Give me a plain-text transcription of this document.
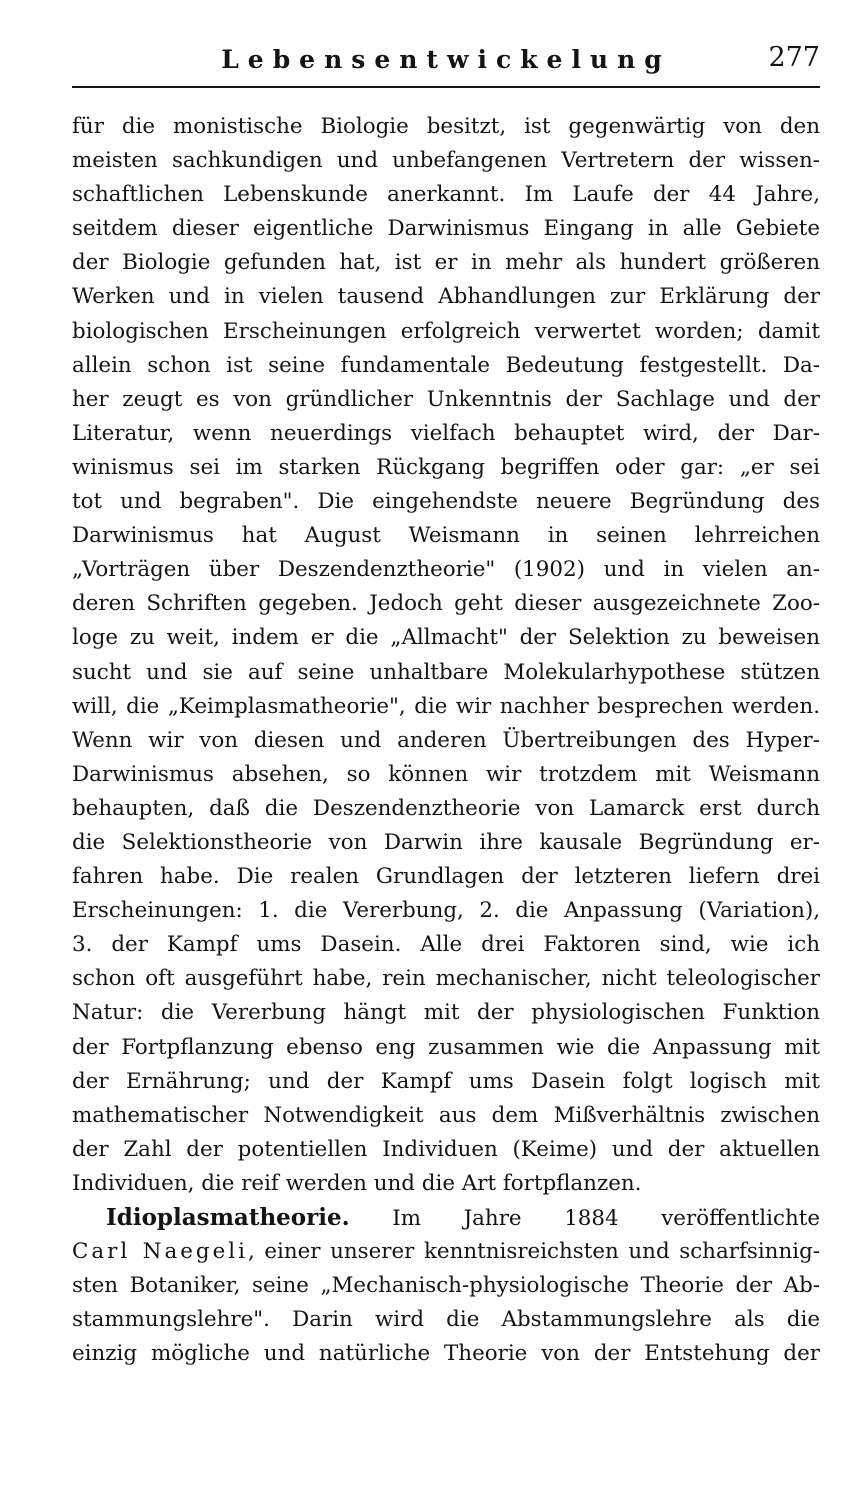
Lebensentwickelung	277
für die monistische Biologie besitzt, ist gegenwärtig von den
meisten sachkundigen und unbefangenen Vertretern der wissen-
schaftlichen Lebenskunde anerkannt. Im Laufe der 44 Jahre,
seitdem dieser eigentliche Darwinismus Eingang in alle Gebiete
der Biologie gefunden hat, ist er in mehr als hundert größeren
Werken und in vielen tausend Abhandlungen zur Erklärung der
biologischen Erscheinungen erfolgreich verwertet worden; damit
allein schon ist seine fundamentale Bedeutung festgestellt. Da-
her zeugt es von gründlicher Unkenntnis der Sachlage und der
Literatur, wenn neuerdings vielfach behauptet wird, der Dar-
winismus sei im starken Rückgang begriffen oder gar: „er sei
tot und begraben". Die eingehendste neuere Begründung des
Darwinismus hat August Weismann in seinen lehrreichen
„Vorträgen über Deszendenztheorie" (1902) und in vielen an-
deren Schriften gegeben. Jedoch geht dieser ausgezeichnete Zoo-
loge zu weit, indem er die „Allmacht" der Selektion zu beweisen
sucht und sie auf seine unhaltbare Molekularhypothese stützen
will, die „Keimplasmatheorie", die wir nachher besprechen werden.
Wenn wir von diesen und anderen Übertreibungen des Hyper-
Darwinismus absehen, so können wir trotzdem mit Weismann
behaupten, daß die Deszendenztheorie von Lamarck erst durch
die Selektionstheorie von Darwin ihre kausale Begründung er-
fahren habe. Die realen Grundlagen der letzteren liefern drei
Erscheinungen: 1. die Vererbung, 2. die Anpassung (Variation),
3. der Kampf ums Dasein. Alle drei Faktoren sind, wie ich
schon oft ausgeführt habe, rein mechanischer, nicht teleologischer
Natur: die Vererbung hängt mit der physiologischen Funktion
der Fortpflanzung ebenso eng zusammen wie die Anpassung mit
der Ernährung; und der Kampf ums Dasein folgt logisch mit
mathematischer Notwendigkeit aus dem Mißverhältnis zwischen
der Zahl der potentiellen Individuen (Keime) und der aktuellen
Individuen, die reif werden und die Art fortpflanzen.
Idioplasmatheorie. Im Jahre 1884 veröffentlichte
Carl Naegeli, einer unserer kenntnisreichsten und scharfsinnig-
sten Botaniker, seine „Mechanisch-physiologische Theorie der Ab-
stammungslehre". Darin wird die Abstammungslehre als die
einzig mögliche und natürliche Theorie von der Entstehung der
